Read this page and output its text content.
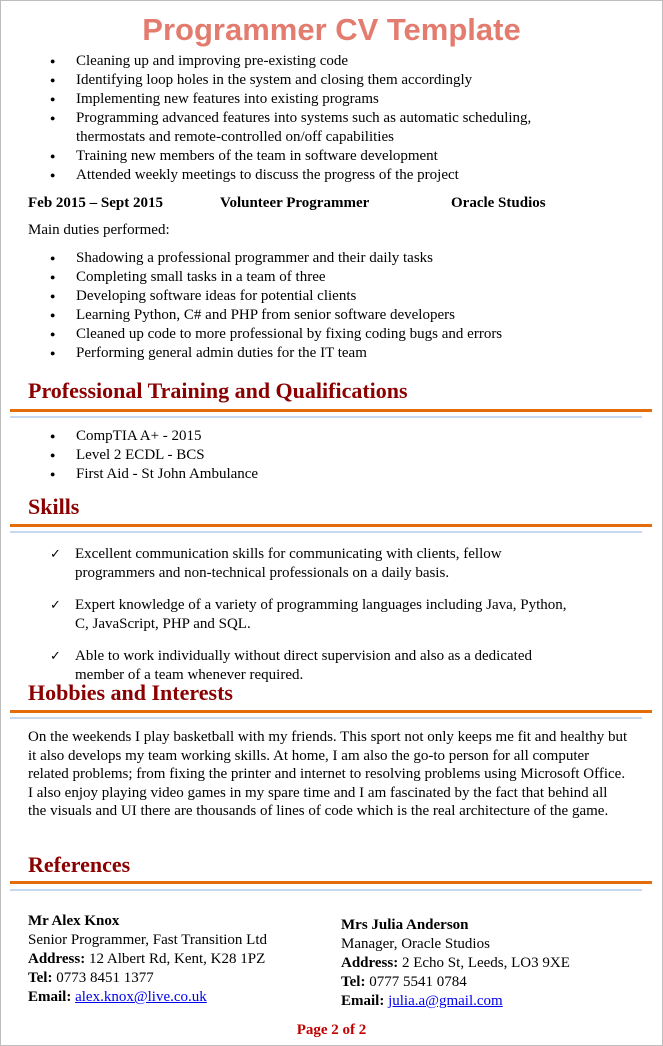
Programmer CV Template
● Cleaning up and improving pre-existing code
● Identifying loop holes in the system and closing them accordingly
● Implementing new features into existing programs
● Programming advanced features into systems such as automatic scheduling, thermostats and remote-controlled on/off capabilities
● Training new members of the team in software development
● Attended weekly meetings to discuss the progress of the project
Feb 2015 – Sept 2015	Volunteer Programmer	Oracle Studios
Main duties performed:
● Shadowing a professional programmer and their daily tasks
● Completing small tasks in a team of three
● Developing software ideas for potential clients
● Learning Python, C# and PHP from senior software developers
● Cleaned up code to more professional by fixing coding bugs and errors
● Performing general admin duties for the IT team
Professional Training and Qualifications
● CompTIA A+ - 2015
● Level 2 ECDL - BCS
● First Aid - St John Ambulance
Skills
✓ Excellent communication skills for communicating with clients, fellow programmers and non-technical professionals on a daily basis.
✓ Expert knowledge of a variety of programming languages including Java, Python, C, JavaScript, PHP and SQL.
✓ Able to work individually without direct supervision and also as a dedicated member of a team whenever required.
Hobbies and Interests
On the weekends I play basketball with my friends. This sport not only keeps me fit and healthy but it also develops my team working skills. At home, I am also the go-to person for all computer related problems; from fixing the printer and internet to resolving problems using Microsoft Office. I also enjoy playing video games in my spare time and I am fascinated by the fact that behind all the visuals and UI there are thousands of lines of code which is the real architecture of the game.
References
Mr Alex Knox
Senior Programmer, Fast Transition Ltd
Address: 12 Albert Rd, Kent, K28 1PZ
Tel: 0773 8451 1377
Email: alex.knox@live.co.uk
Mrs Julia Anderson
Manager, Oracle Studios
Address: 2 Echo St, Leeds, LO3 9XE
Tel: 0777 5541 0784
Email: julia.a@gmail.com
Page 2 of 2
